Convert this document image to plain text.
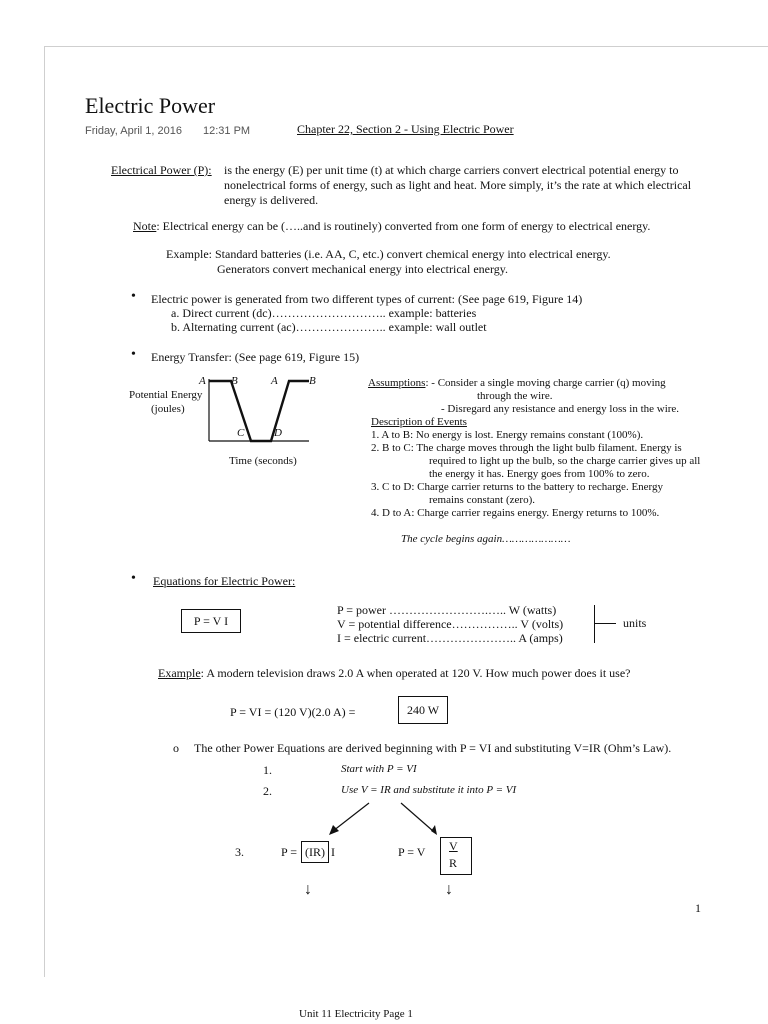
Electric Power
Friday, April 1, 2016 12:31 PM	Chapter 22, Section 2 - Using Electric Power
Electrical Power (P): is the energy (E) per unit time (t) at which charge carriers convert electrical potential energy to
nonelectrical forms of energy, such as light and heat. More simply, it’s the rate at which electrical
energy is delivered.
Note: Electrical energy can be (…..and is routinely) converted from one form of energy to electrical energy.
Example: Standard batteries (i.e. AA, C, etc.) convert chemical energy into electrical energy.
Generators convert mechanical energy into electrical energy.
• Electric power is generated from two different types of current: (See page 619, Figure 14)
a. Direct current (dc)……………………….. example: batteries
b. Alternating current (ac)………………….. example: wall outlet
• Energy Transfer: (See page 619, Figure 15)
A B	A	B
C	D
Potential Energy
(joules)
Time (seconds)
Assumptions: - Consider a single moving charge carrier (q) moving
through the wire.
- Disregard any resistance and energy loss in the wire.
Description of Events
1. A to B: No energy is lost. Energy remains constant (100%).
2. B to C: The charge moves through the light bulb filament. Energy is
required to light up the bulb, so the charge carrier gives up all
the energy it has. Energy goes from 100% to zero.
3. C to D: Charge carrier returns to the battery to recharge. Energy
remains constant (zero).
4. D to A: Charge carrier regains energy. Energy returns to 100%.
The cycle begins again…………………
• Equations for Electric Power:
P = V I
P = power …………………….….. W (watts)
V = potential difference…………….. V (volts)
I = electric current………………….. A (amps)
units
Example: A modern television draws 2.0 A when operated at 120 V. How much power does it use?
P = VI = (120 V)(2.0 A) =	240 W
o The other Power Equations are derived beginning with P = VI and substituting V=IR (Ohm’s Law).
1.	Start with P = VI
2.	Use V = IR and substitute it into P = VI
3.	P = (IR) I	P = V V
R
↓	↓
1
Unit 11 Electricity Page 1
